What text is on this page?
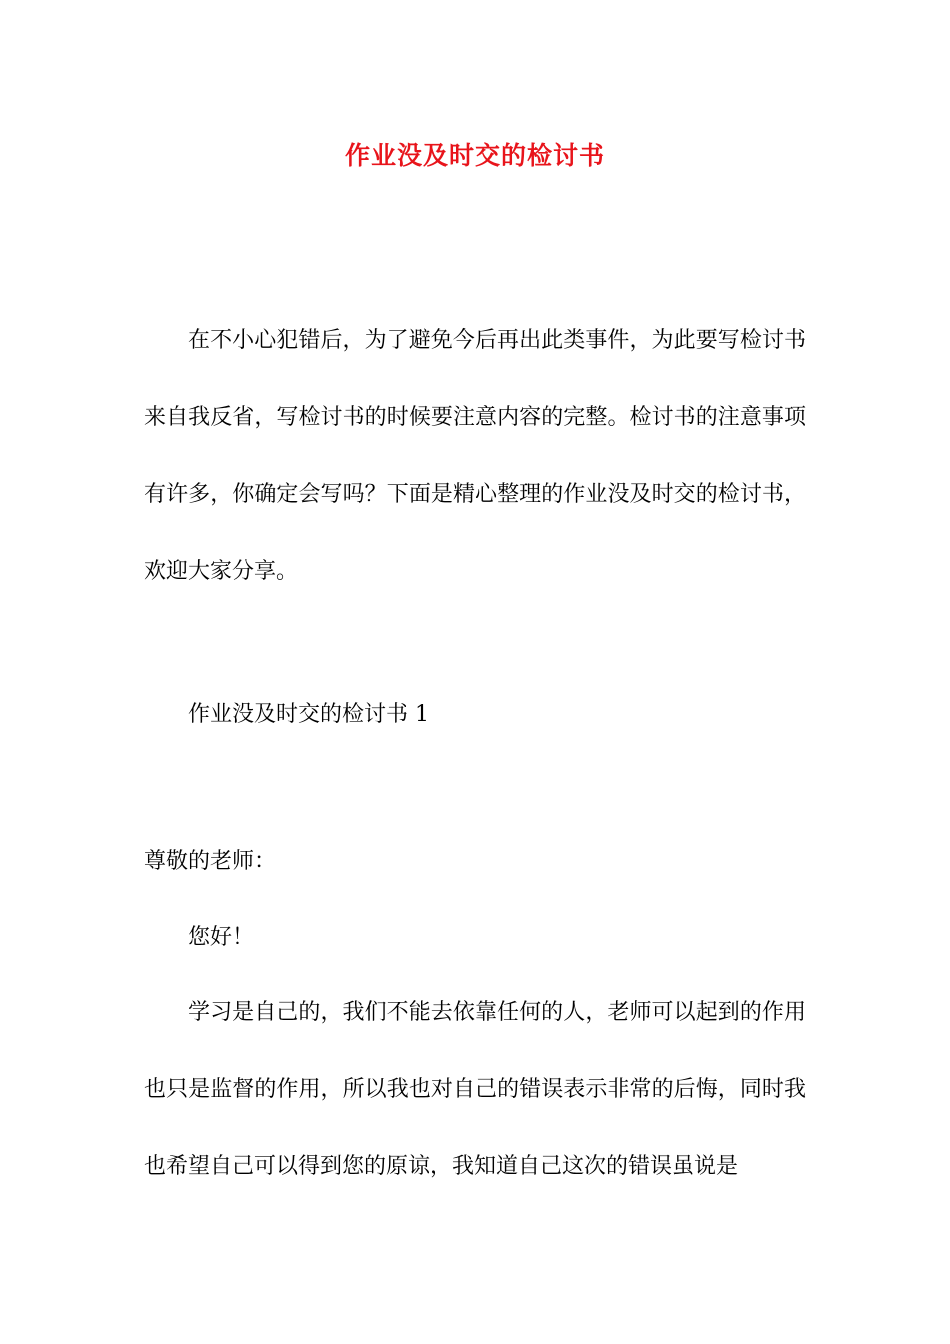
作业没及时交的检讨书
在不小心犯错后，为了避免今后再出此类事件，为此要写检讨书来自我反省，写检讨书的时候要注意内容的完整。检讨书的注意事项有许多，你确定会写吗？下面是精心整理的作业没及时交的检讨书，欢迎大家分享。
作业没及时交的检讨书 1
尊敬的老师：
您好！
学习是自己的，我们不能去依靠任何的人，老师可以起到的作用也只是监督的作用，所以我也对自己的错误表示非常的后悔，同时我也希望自己可以得到您的原谅，我知道自己这次的错误虽说是
